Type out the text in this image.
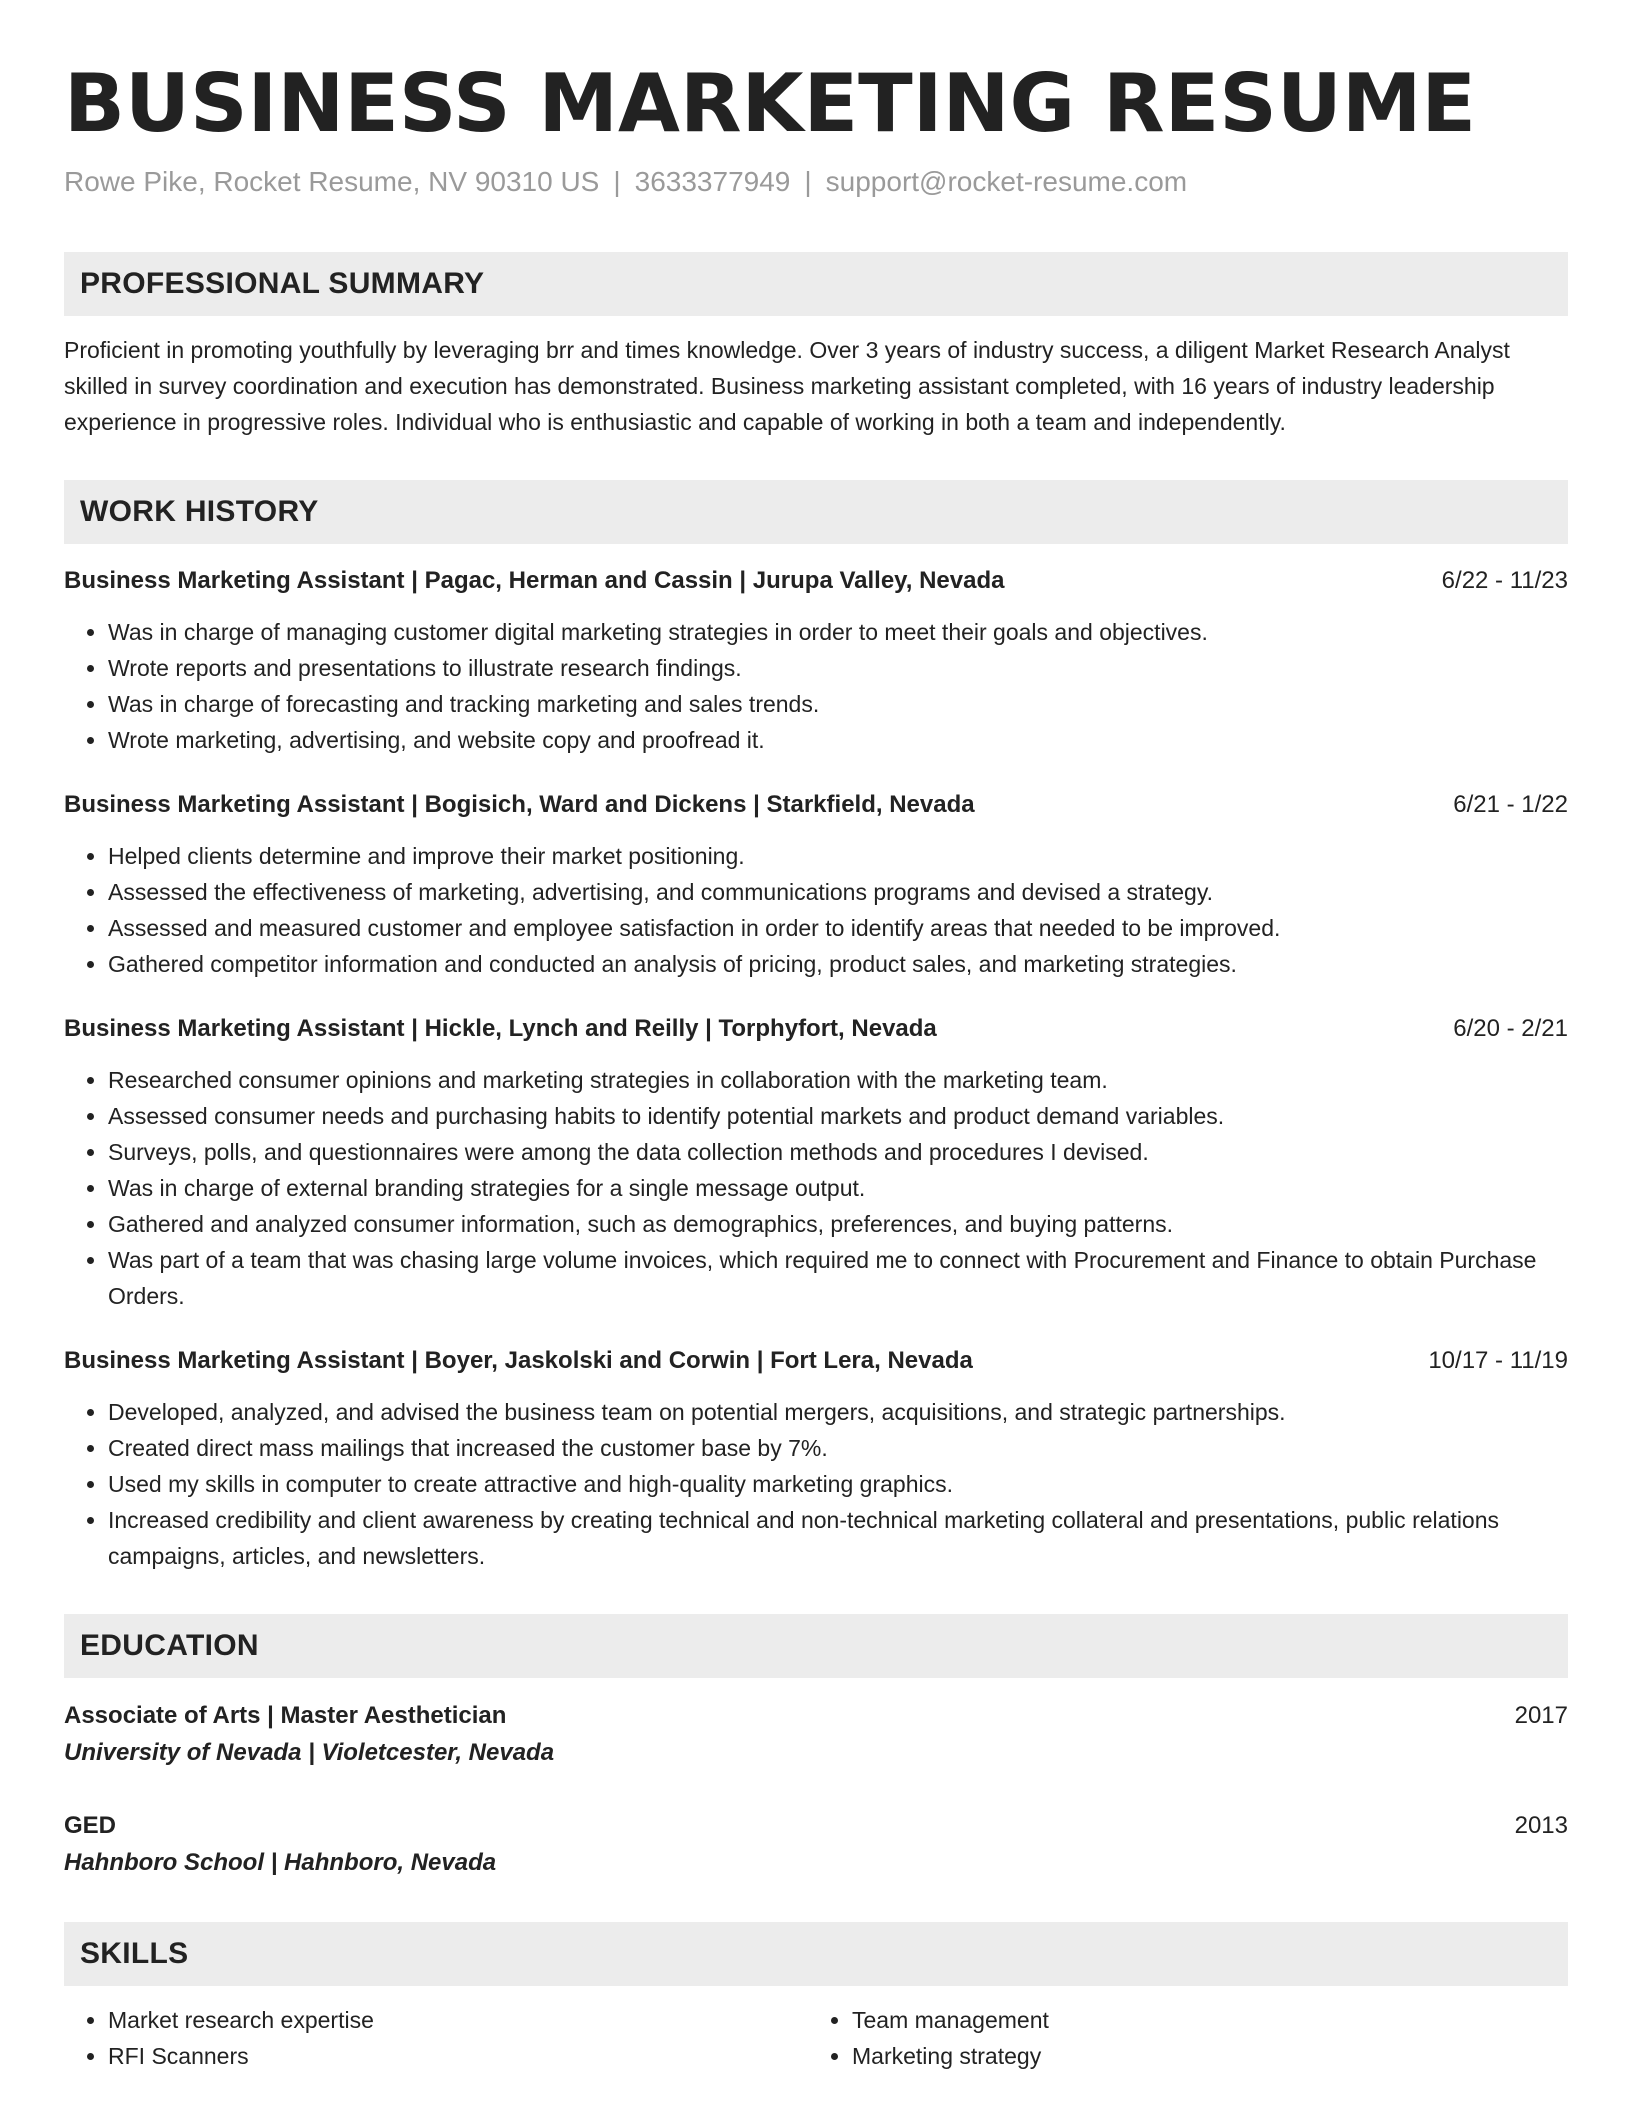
BUSINESS MARKETING RESUME
Rowe Pike, Rocket Resume, NV 90310 US | 3633377949 | support@rocket-resume.com
PROFESSIONAL SUMMARY
Proficient in promoting youthfully by leveraging brr and times knowledge. Over 3 years of industry success, a diligent Market Research Analyst skilled in survey coordination and execution has demonstrated. Business marketing assistant completed, with 16 years of industry leadership experience in progressive roles. Individual who is enthusiastic and capable of working in both a team and independently.
WORK HISTORY
Business Marketing Assistant | Pagac, Herman and Cassin | Jurupa Valley, Nevada	6/22 - 11/23
• Was in charge of managing customer digital marketing strategies in order to meet their goals and objectives.
• Wrote reports and presentations to illustrate research findings.
• Was in charge of forecasting and tracking marketing and sales trends.
• Wrote marketing, advertising, and website copy and proofread it.
Business Marketing Assistant | Bogisich, Ward and Dickens | Starkfield, Nevada	6/21 - 1/22
• Helped clients determine and improve their market positioning.
• Assessed the effectiveness of marketing, advertising, and communications programs and devised a strategy.
• Assessed and measured customer and employee satisfaction in order to identify areas that needed to be improved.
• Gathered competitor information and conducted an analysis of pricing, product sales, and marketing strategies.
Business Marketing Assistant | Hickle, Lynch and Reilly | Torphyfort, Nevada	6/20 - 2/21
• Researched consumer opinions and marketing strategies in collaboration with the marketing team.
• Assessed consumer needs and purchasing habits to identify potential markets and product demand variables.
• Surveys, polls, and questionnaires were among the data collection methods and procedures I devised.
• Was in charge of external branding strategies for a single message output.
• Gathered and analyzed consumer information, such as demographics, preferences, and buying patterns.
• Was part of a team that was chasing large volume invoices, which required me to connect with Procurement and Finance to obtain Purchase Orders.
Business Marketing Assistant | Boyer, Jaskolski and Corwin | Fort Lera, Nevada	10/17 - 11/19
• Developed, analyzed, and advised the business team on potential mergers, acquisitions, and strategic partnerships.
• Created direct mass mailings that increased the customer base by 7%.
• Used my skills in computer to create attractive and high-quality marketing graphics.
• Increased credibility and client awareness by creating technical and non-technical marketing collateral and presentations, public relations campaigns, articles, and newsletters.
EDUCATION
Associate of Arts | Master Aesthetician	2017
University of Nevada | Violetcester, Nevada
GED	2013
Hahnboro School | Hahnboro, Nevada
SKILLS
• Market research expertise
• RFI Scanners
• Team management
• Marketing strategy
